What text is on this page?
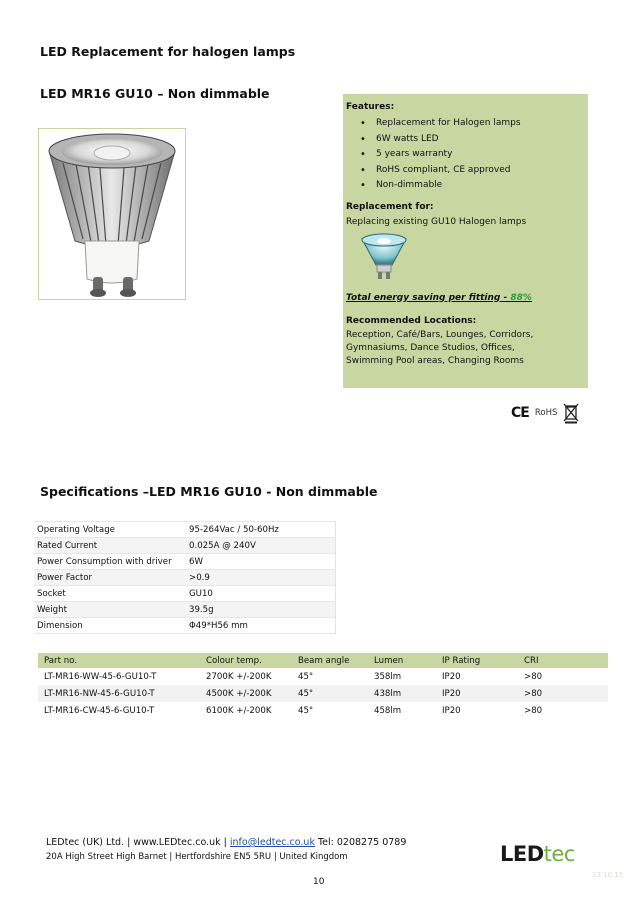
LED Replacement for halogen lamps
LED MR16 GU10 – Non dimmable
Features:
• Replacement for Halogen lamps
• 6W watts LED
• 5 years warranty
• RoHS compliant, CE approved
• Non-dimmable
Replacement for:
Replacing existing GU10 Halogen lamps
Total energy saving per fitting - 88%
Recommended Locations:
Reception, Café/Bars, Lounges, Corridors, Gymnasiums, Dance Studios, Offices, Swimming Pool areas, Changing Rooms
CE RoHS
Specifications –LED MR16 GU10 - Non dimmable
Operating Voltage	95-264Vac / 50-60Hz
Rated Current	0.025A @ 240V
Power Consumption with driver	6W
Power Factor	>0.9
Socket	GU10
Weight	39.5g
Dimension	Φ49*H56 mm
Part no.	Colour temp.	Beam angle	Lumen	IP Rating	CRI
LT-MR16-WW-45-6-GU10-T	2700K +/-200K	45°	358lm	IP20	>80
LT-MR16-NW-45-6-GU10-T	4500K +/-200K	45°	438lm	IP20	>80
LT-MR16-CW-45-6-GU10-T	6100K +/-200K	45°	458lm	IP20	>80
LEDtec (UK) Ltd. | www.LEDtec.co.uk | info@ledtec.co.uk Tel: 0208275 0789
20A High Street High Barnet | Hertfordshire EN5 5RU | United Kingdom
10
LEDtec
23.10.15
